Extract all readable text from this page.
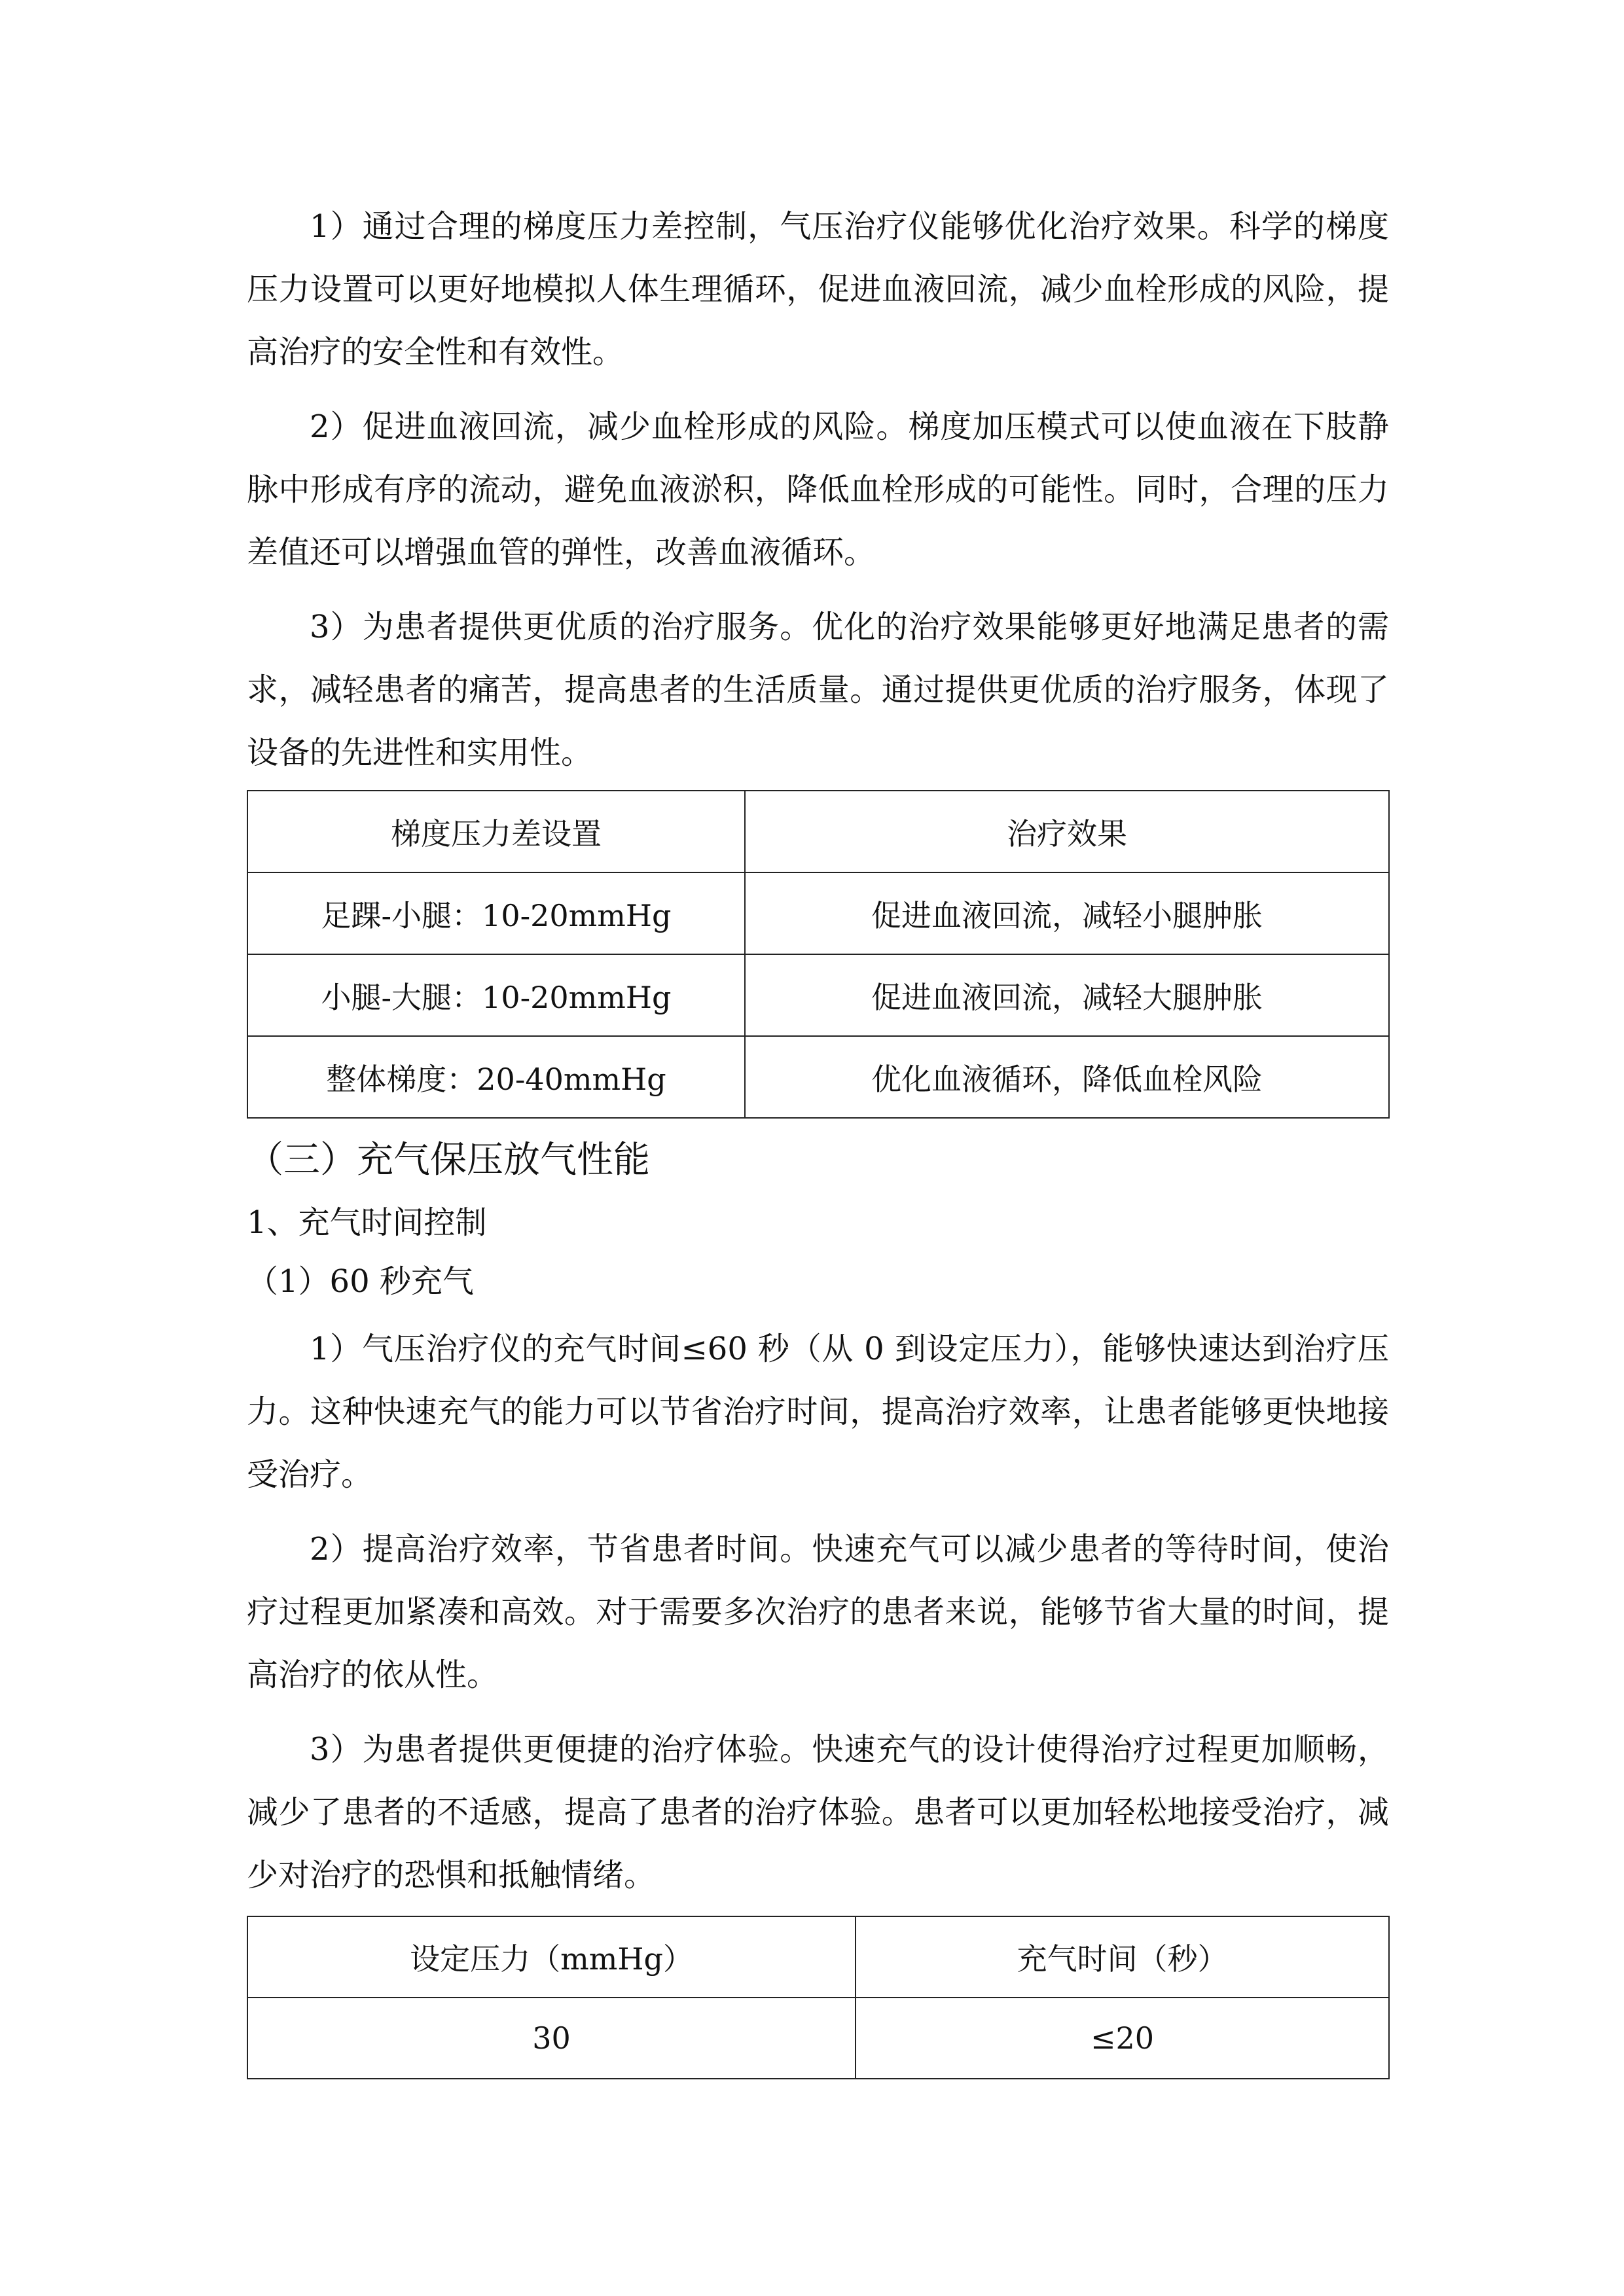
1）通过合理的梯度压力差控制，气压治疗仪能够优化治疗效果。科学的梯度压力设置可以更好地模拟人体生理循环，促进血液回流，减少血栓形成的风险，提高治疗的安全性和有效性。

2）促进血液回流，减少血栓形成的风险。梯度加压模式可以使血液在下肢静脉中形成有序的流动，避免血液淤积，降低血栓形成的可能性。同时，合理的压力差值还可以增强血管的弹性，改善血液循环。

3）为患者提供更优质的治疗服务。优化的治疗效果能够更好地满足患者的需求，减轻患者的痛苦，提高患者的生活质量。通过提供更优质的治疗服务，体现了设备的先进性和实用性。

梯度压力差设置	治疗效果
足踝-小腿：10-20mmHg	促进血液回流，减轻小腿肿胀
小腿-大腿：10-20mmHg	促进血液回流，减轻大腿肿胀
整体梯度：20-40mmHg	优化血液循环，降低血栓风险

（三）充气保压放气性能

1、充气时间控制

（1）60 秒充气

1）气压治疗仪的充气时间≤60 秒（从 0 到设定压力），能够快速达到治疗压力。这种快速充气的能力可以节省治疗时间，提高治疗效率，让患者能够更快地接受治疗。

2）提高治疗效率，节省患者时间。快速充气可以减少患者的等待时间，使治疗过程更加紧凑和高效。对于需要多次治疗的患者来说，能够节省大量的时间，提高治疗的依从性。

3）为患者提供更便捷的治疗体验。快速充气的设计使得治疗过程更加顺畅，减少了患者的不适感，提高了患者的治疗体验。患者可以更加轻松地接受治疗，减少对治疗的恐惧和抵触情绪。

设定压力（mmHg）	充气时间（秒）
30	≤20
